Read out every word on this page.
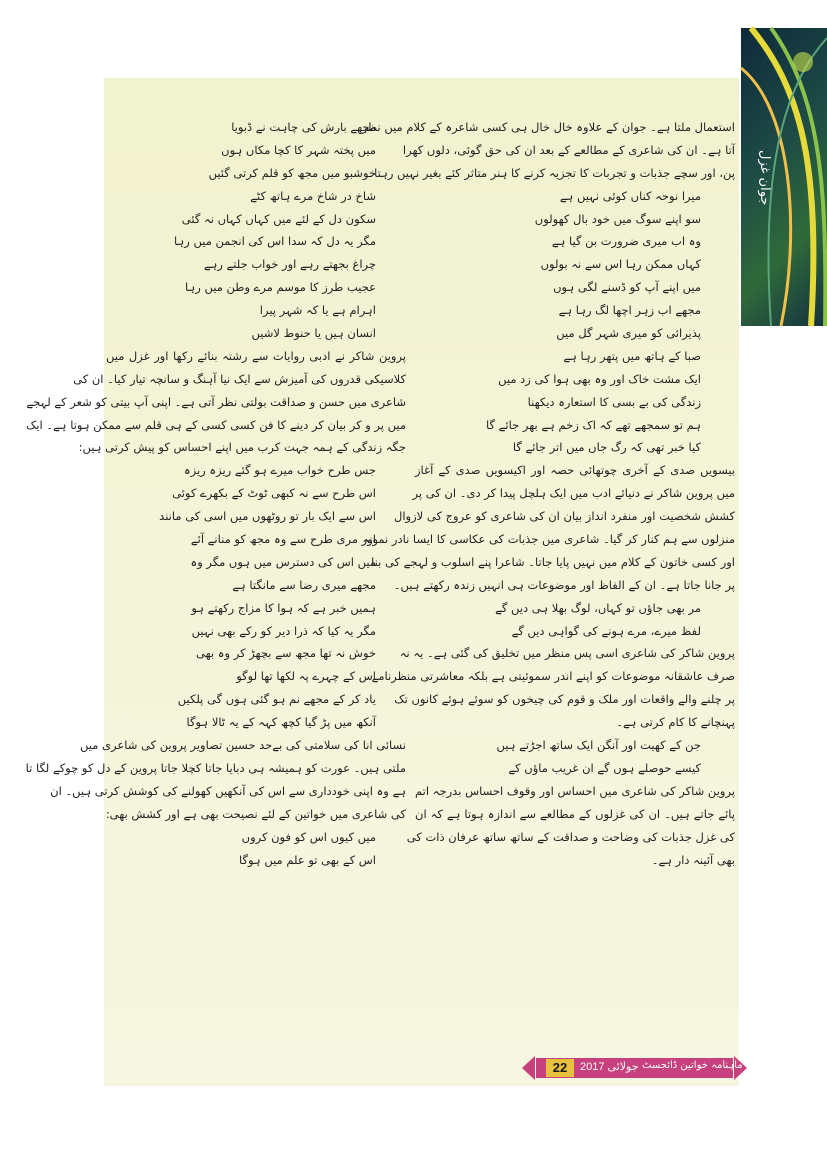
جوان غزل
استعمال ملتا ہے۔ جوان کے علاوہ خال خال ہی کسی شاعرہ کے کلام میں نظر
آتا ہے۔ ان کی شاعری کے مطالعے کے بعد ان کی حق گوئی، دلوں کھرا
پن، اور سچے جذبات و تجربات کا تجزیہ کرنے کا ہنر متاثر کئے بغیر نہیں رہتا۔
میرا نوحہ کناں کوئی نہیں ہے
سو اپنے سوگ میں خود بال کھولوں
وہ اب میری ضرورت بن گیا ہے
کہاں ممکن رہا اس سے نہ بولوں
میں اپنے آپ کو ڈسنے لگی ہوں
مجھے اب زہر اچھا لگ رہا ہے
پذیرائی کو میری شہر گل میں
صبا کے ہاتھ میں پتھر رہا ہے
ایک مشت خاک اور وہ بھی ہوا کی زد میں
زندگی کی بے بسی کا استعارہ دیکھنا
ہم تو سمجھے تھے کہ اک زخم ہے بھر جائے گا
کیا خبر تھی کہ رگ جاں میں اتر جائے گا
بیسویں صدی کے آخری چوتھائی حصہ اور اکیسویں صدی کے آغاز
میں پروین شاکر نے دنیائے ادب میں ایک ہلچل پیدا کر دی۔ ان کی پر
کشش شخصیت اور منفرد انداز بیان ان کی شاعری کو عروج کی لازوال
منزلوں سے ہم کنار کر گیا۔ شاعری میں جذبات کی عکاسی کا ایسا نادر نمونہ
اور کسی خاتون کے کلام میں نہیں پایا جاتا۔ شاعرا پنے اسلوب و لہجے کی بنا
پر جانا جاتا ہے۔ ان کے الفاظ اور موضوعات ہی انہیں زندہ رکھتے ہیں۔
مر بھی جاؤں تو کہاں، لوگ بھلا ہی دیں گے
لفظ میرے، مرے ہونے کی گواہی دیں گے
پروین شاکر کی شاعری اسی پس منظر میں تخلیق کی گئی ہے۔ یہ نہ
صرف عاشقانہ موضوعات کو اپنے اندر سموئیتی ہے بلکہ معاشرتی منظرنامے
پر چلنے والے واقعات اور ملک و قوم کی چیخوں کو سوئے ہوئے کانوں تک
پہنچانے کا کام کرتی ہے۔
جن کے کھیت اور آنگن ایک ساتھ اجڑتے ہیں
کیسے حوصلے ہوں گے ان غریب ماؤں کے
پروین شاکر کی شاعری میں احساس اور وقوف احساس بدرجہ اتم
پائے جاتے ہیں۔ ان کی غزلوں کے مطالعے سے اندازہ ہوتا ہے کہ ان
کی غزل جذبات کی وضاحت و صداقت کے ساتھ ساتھ عرفان ذات کی
بھی آئینہ دار ہے۔
مجھے بارش کی چاہت نے ڈبویا
میں پختہ شہر کا کچا مکاں ہوں
خوشبو میں مجھ کو قلم کرتی گئیں
شاخ در شاخ مرے ہاتھ کٹے
سکون دل کے لئے میں کہاں کہاں نہ گئی
مگر یہ دل کہ سدا اس کی انجمن میں رہا
چراغ بجھتے رہے اور خواب جلتے رہے
عجیب طرز کا موسم مرے وطن میں رہا
اہرام ہے یا کہ شہر پیرا
انسان ہیں یا حنوط لاشیں
پروین شاکر نے ادبی روایات سے رشتہ بنائے رکھا اور غزل میں
کلاسیکی قدروں کی آمیزش سے ایک نیا آہنگ و سانچہ تیار کیا۔ ان کی
شاعری میں حسن و صداقت بولتی نظر آتی ہے۔ اپنی آپ بیتی کو شعر کے لہجے
میں پر و کر بیان کر دینے کا فن کسی کسی کے ہی قلم سے ممکن ہوتا ہے۔ ایک
جگہ زندگی کے ہمہ جہت کرب میں اپنے احساس کو پیش کرتی ہیں:
جس طرح خواب میرے ہو گئے ریزہ ریزہ
اس طرح سے نہ کبھی ٹوٹ کے بکھرے کوئی
اس سے ایک بار تو روٹھوں میں اسی کی مانند
اور مری طرح سے وہ مجھ کو منانے آئے
میں اس کی دسترس میں ہوں مگر وہ
مجھے میری رضا سے مانگتا ہے
ہمیں خبر ہے کہ ہوا کا مزاج رکھتے ہو
مگر یہ کیا کہ ذرا دیر کو رکے بھی نہیں
خوش نہ تھا مجھ سے بچھڑ کر وہ بھی
اس کے چہرے پہ لکھا تھا لوگو
یاد کر کے مجھے نم ہو گئی ہوں گی پلکیں
آنکھ میں پڑ گیا کچھ کہہ کے یہ ٹالا ہوگا
نسائی انا کی سلامتی کی بےحد حسین تصاویر پروین کی شاعری میں
ملتی ہیں۔ عورت کو ہمیشہ ہی دبایا جاتا کچلا جاتا پروین کے دل کو چوکے لگا تا
ہے وہ اپنی خودداری سے اس کی آنکھیں کھولنے کی کوشش کرتی ہیں۔ ان
کی شاعری میں خواتین کے لئے نصیحت بھی ہے اور کشش بھی:
میں کیوں اس کو فون کروں
اس کے بھی تو علم میں ہوگا
22	2017 جولائی ماہنامہ خواتین ڈائجسٹ
